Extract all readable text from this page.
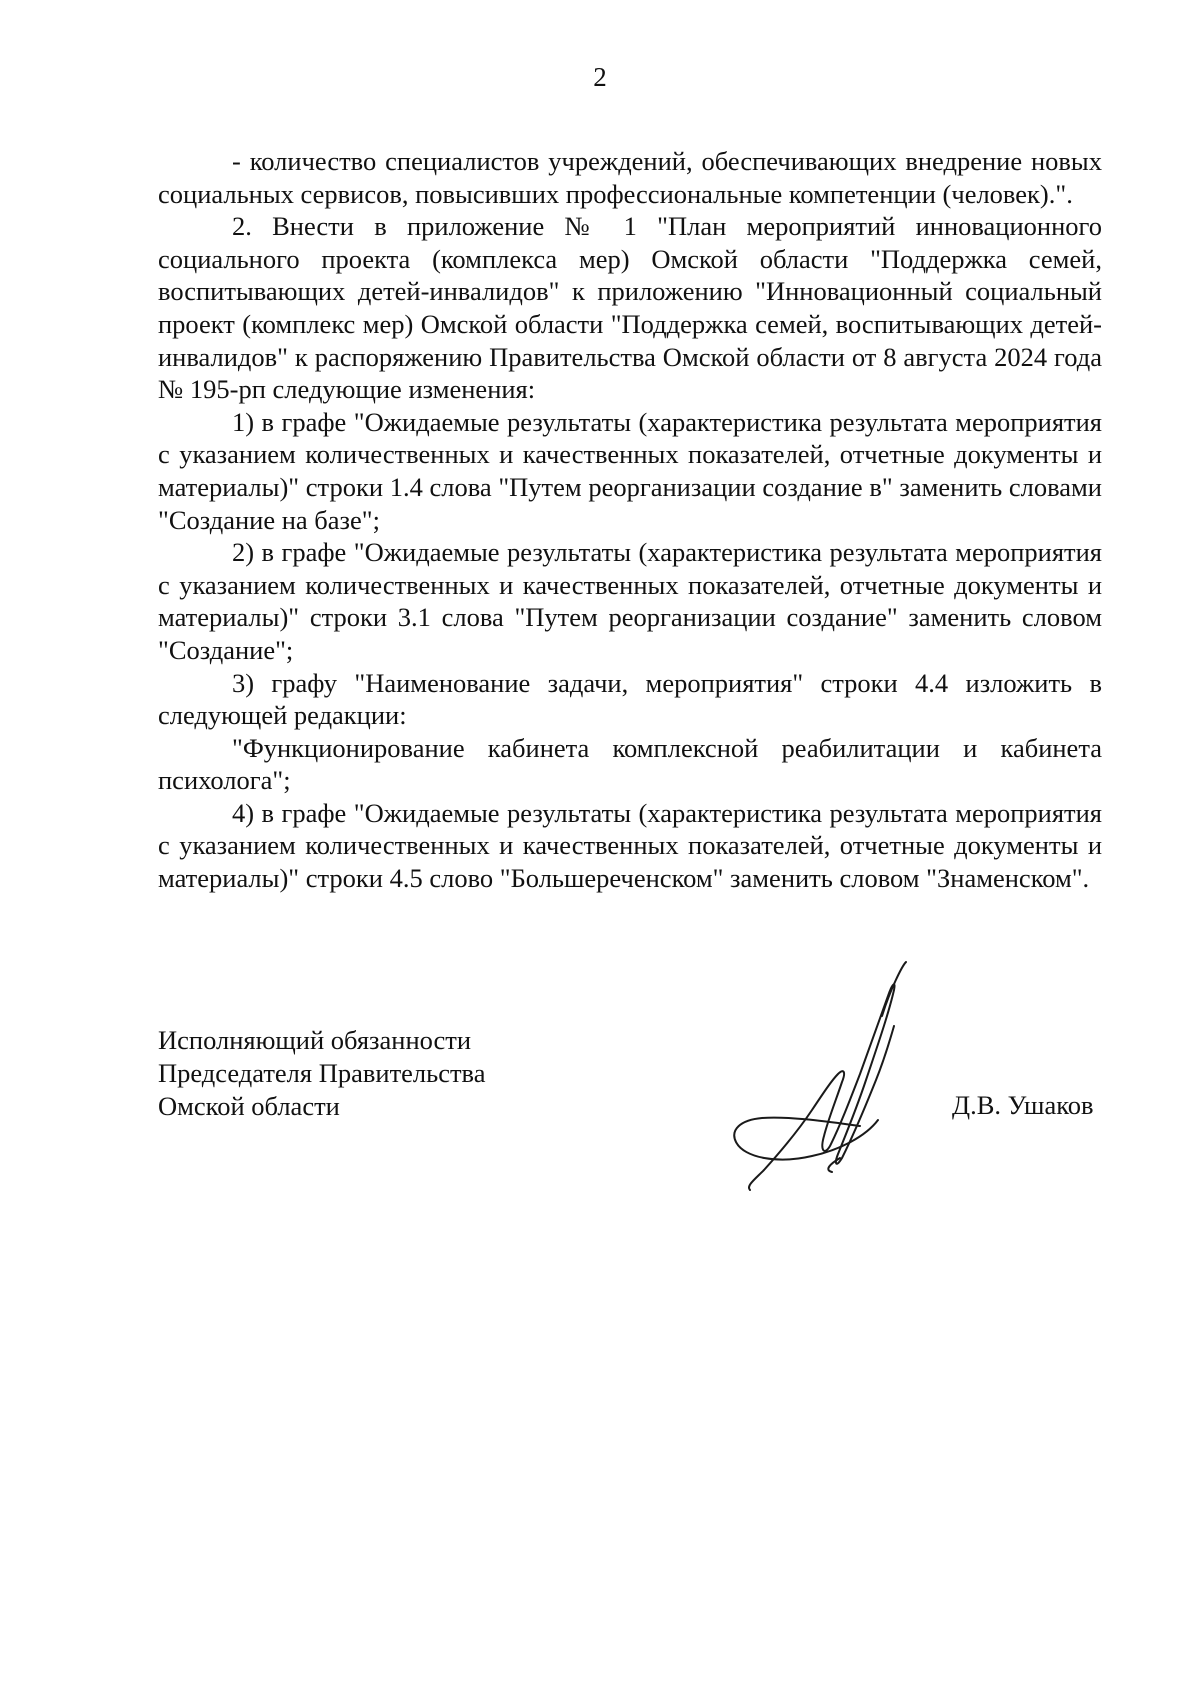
2

- количество специалистов учреждений, обеспечивающих внедрение новых социальных сервисов, повысивших профессиональные компетенции (человек).".

2. Внести в приложение № 1 "План мероприятий инновационного социального проекта (комплекса мер) Омской области "Поддержка семей, воспитывающих детей-инвалидов" к приложению "Инновационный социальный проект (комплекс мер) Омской области "Поддержка семей, воспитывающих детей-инвалидов" к распоряжению Правительства Омской области от 8 августа 2024 года № 195-рп следующие изменения:

1) в графе "Ожидаемые результаты (характеристика результата мероприятия с указанием количественных и качественных показателей, отчетные документы и материалы)" строки 1.4 слова "Путем реорганизации создание в" заменить словами "Создание на базе";

2) в графе "Ожидаемые результаты (характеристика результата мероприятия с указанием количественных и качественных показателей, отчетные документы и материалы)" строки 3.1 слова "Путем реорганизации создание" заменить словом "Создание";

3) графу "Наименование задачи, мероприятия" строки 4.4 изложить в следующей редакции:

"Функционирование кабинета комплексной реабилитации и кабинета психолога";

4) в графе "Ожидаемые результаты (характеристика результата мероприятия с указанием количественных и качественных показателей, отчетные документы и материалы)" строки 4.5 слово "Большереченском" заменить словом "Знаменском".

Исполняющий обязанности
Председателя Правительства
Омской области	Д.В. Ушаков
